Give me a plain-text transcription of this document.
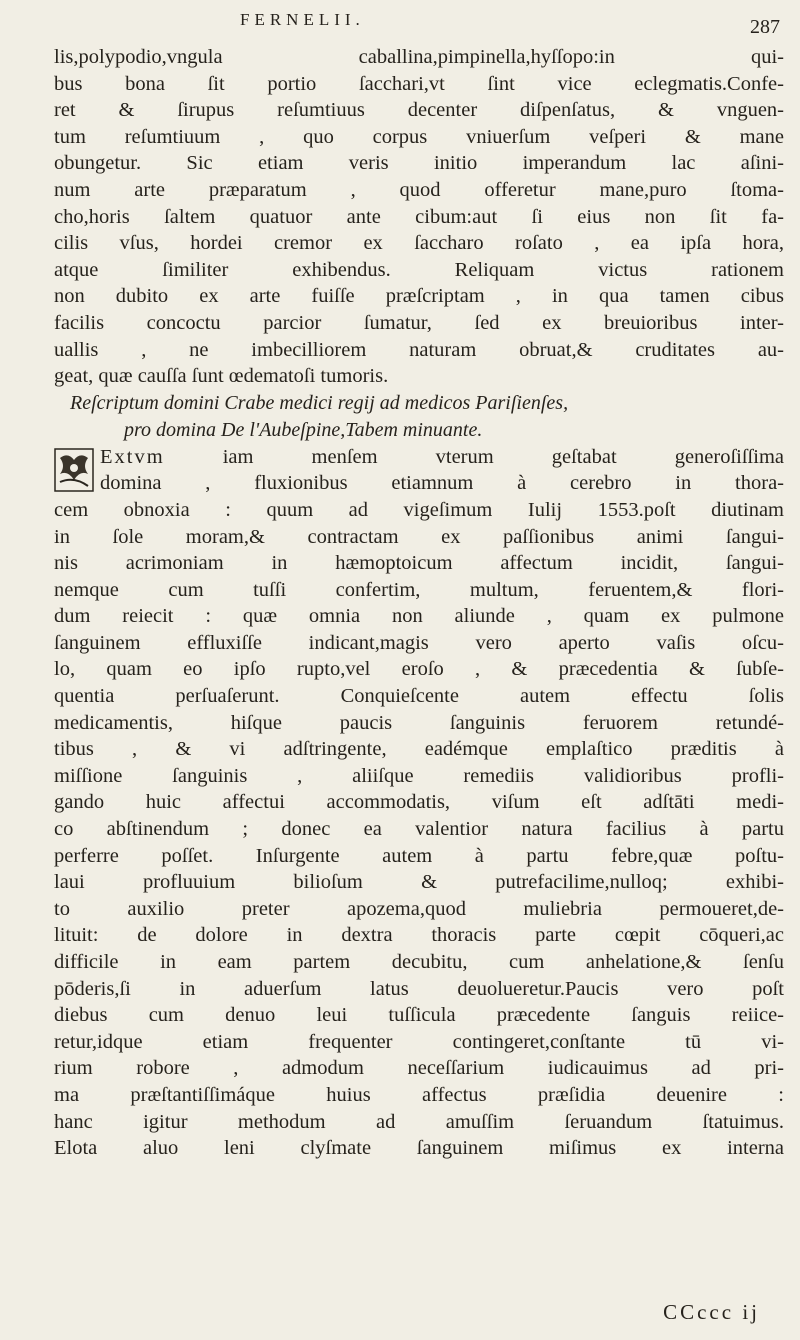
FERNELII.	287
lis,polypodio,vngula caballina,pimpinella,hyſſopo:in qui-
bus bona ſit portio ſacchari,vt ſint vice eclegmatis.Confe-
ret & ſirupus reſumtiuus decenter diſpenſatus, & vnguen-
tum reſumtiuum , quo corpus vniuerſum veſperi & mane
obungetur. Sic etiam veris initio imperandum lac aſini-
num arte præparatum , quod offeretur mane,puro ſtoma-
cho,horis ſaltem quatuor ante cibum:aut ſi eius non ſit fa-
cilis vſus, hordei cremor ex ſaccharo roſato , ea ipſa hora,
atque ſimiliter exhibendus. Reliquam victus rationem
non dubito ex arte fuiſſe præſcriptam , in qua tamen cibus
facilis concoctu parcior ſumatur, ſed ex breuioribus inter-
uallis , ne imbecilliorem naturam obruat,& cruditates au-
geat, quæ cauſſa ſunt œdematoſi tumoris.
Reſcriptum domini Crabe medici regij ad medicos Pariſienſes,
pro domina De l'Aubeſpine,Tabem minuante.
Extvm iam menſem vterum geſtabat generoſiſſima
domina , fluxionibus etiamnum à cerebro in thora-
cem obnoxia : quum ad vigeſimum Iulij 1553.poſt diutinam
in ſole moram,& contractam ex paſſionibus animi ſangui-
nis acrimoniam in hæmoptoicum affectum incidit, ſangui-
nemque cum tuſſi confertim, multum, feruentem,& flori-
dum reiecit : quæ omnia non aliunde , quam ex pulmone
ſanguinem effluxiſſe indicant,magis vero aperto vaſis oſcu-
lo, quam eo ipſo rupto,vel eroſo , & præcedentia & ſubſe-
quentia perſuaſerunt. Conquieſcente autem effectu ſolis
medicamentis, hiſque paucis ſanguinis feruorem retundé-
tibus , & vi adſtringente, eadémque emplaſtico præditis à
miſſione ſanguinis , aliiſque remediis validioribus profli-
gando huic affectui accommodatis, viſum eſt adſtāti medi-
co abſtinendum ; donec ea valentior natura facilius à partu
perferre poſſet. Inſurgente autem à partu febre,quæ poſtu-
laui profluuium bilioſum & putrefacilime,nulloq; exhibi-
to auxilio preter apozema,quod muliebria permoueret,de-
lituit: de dolore in dextra thoracis parte cœpit cōqueri,ac
difficile in eam partem decubitu, cum anhelatione,& ſenſu
pōderis,ſi in aduerſum latus deuolueretur.Paucis vero poſt
diebus cum denuo leui tuſſicula præcedente ſanguis reiice-
retur,idque etiam frequenter contingeret,conſtante tū vi-
rium robore , admodum neceſſarium iudicauimus ad pri-
ma præſtantiſſimáque huius affectus præſidia deuenire :
hanc igitur methodum ad amuſſim ſeruandum ſtatuimus.
Elota aluo leni clyſmate ſanguinem miſimus ex interna
CCccc ij
